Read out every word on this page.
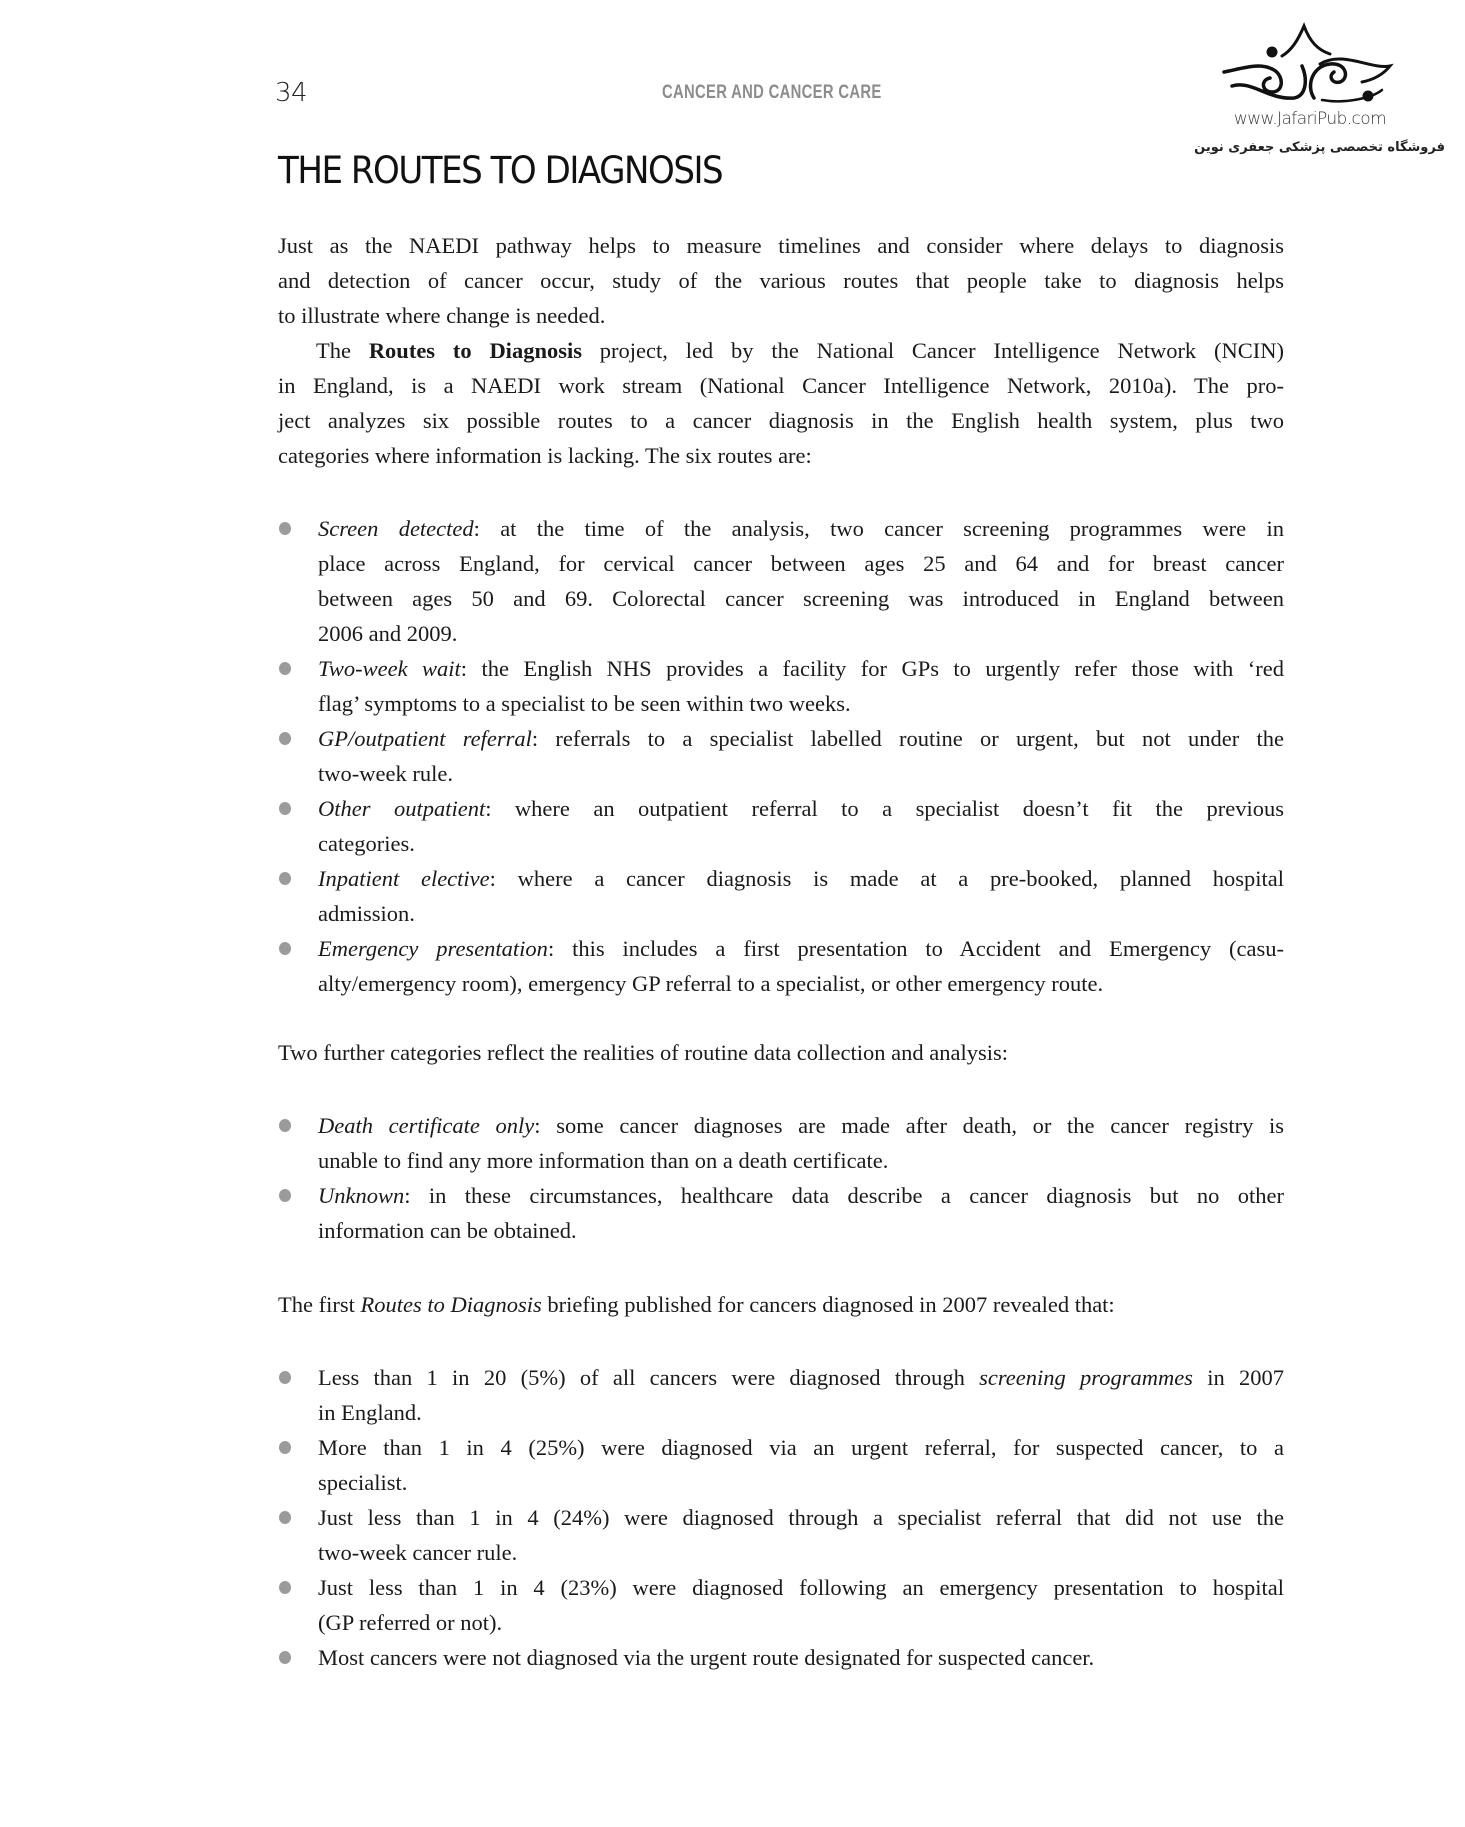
34	CANCER AND CANCER CARE
www.JafariPub.com
فروشگاه تخصصی پزشکی جعفری نوین
THE ROUTES TO DIAGNOSIS
Just as the NAEDI pathway helps to measure timelines and consider where delays to diagnosis
and detection of cancer occur, study of the various routes that people take to diagnosis helps
to illustrate where change is needed.
The Routes to Diagnosis project, led by the National Cancer Intelligence Network (NCIN)
in England, is a NAEDI work stream (National Cancer Intelligence Network, 2010a). The pro-
ject analyzes six possible routes to a cancer diagnosis in the English health system, plus two
categories where information is lacking. The six routes are:
Screen detected: at the time of the analysis, two cancer screening programmes were in
place across England, for cervical cancer between ages 25 and 64 and for breast cancer
between ages 50 and 69. Colorectal cancer screening was introduced in England between
2006 and 2009.
Two-week wait: the English NHS provides a facility for GPs to urgently refer those with ‘red
flag’ symptoms to a specialist to be seen within two weeks.
GP/outpatient referral: referrals to a specialist labelled routine or urgent, but not under the
two-week rule.
Other outpatient: where an outpatient referral to a specialist doesn’t fit the previous
categories.
Inpatient elective: where a cancer diagnosis is made at a pre-booked, planned hospital
admission.
Emergency presentation: this includes a first presentation to Accident and Emergency (casu-
alty/emergency room), emergency GP referral to a specialist, or other emergency route.
Two further categories reflect the realities of routine data collection and analysis:
Death certificate only: some cancer diagnoses are made after death, or the cancer registry is
unable to find any more information than on a death certificate.
Unknown: in these circumstances, healthcare data describe a cancer diagnosis but no other
information can be obtained.
The first Routes to Diagnosis briefing published for cancers diagnosed in 2007 revealed that:
Less than 1 in 20 (5%) of all cancers were diagnosed through screening programmes in 2007
in England.
More than 1 in 4 (25%) were diagnosed via an urgent referral, for suspected cancer, to a
specialist.
Just less than 1 in 4 (24%) were diagnosed through a specialist referral that did not use the
two-week cancer rule.
Just less than 1 in 4 (23%) were diagnosed following an emergency presentation to hospital
(GP referred or not).
Most cancers were not diagnosed via the urgent route designated for suspected cancer.
